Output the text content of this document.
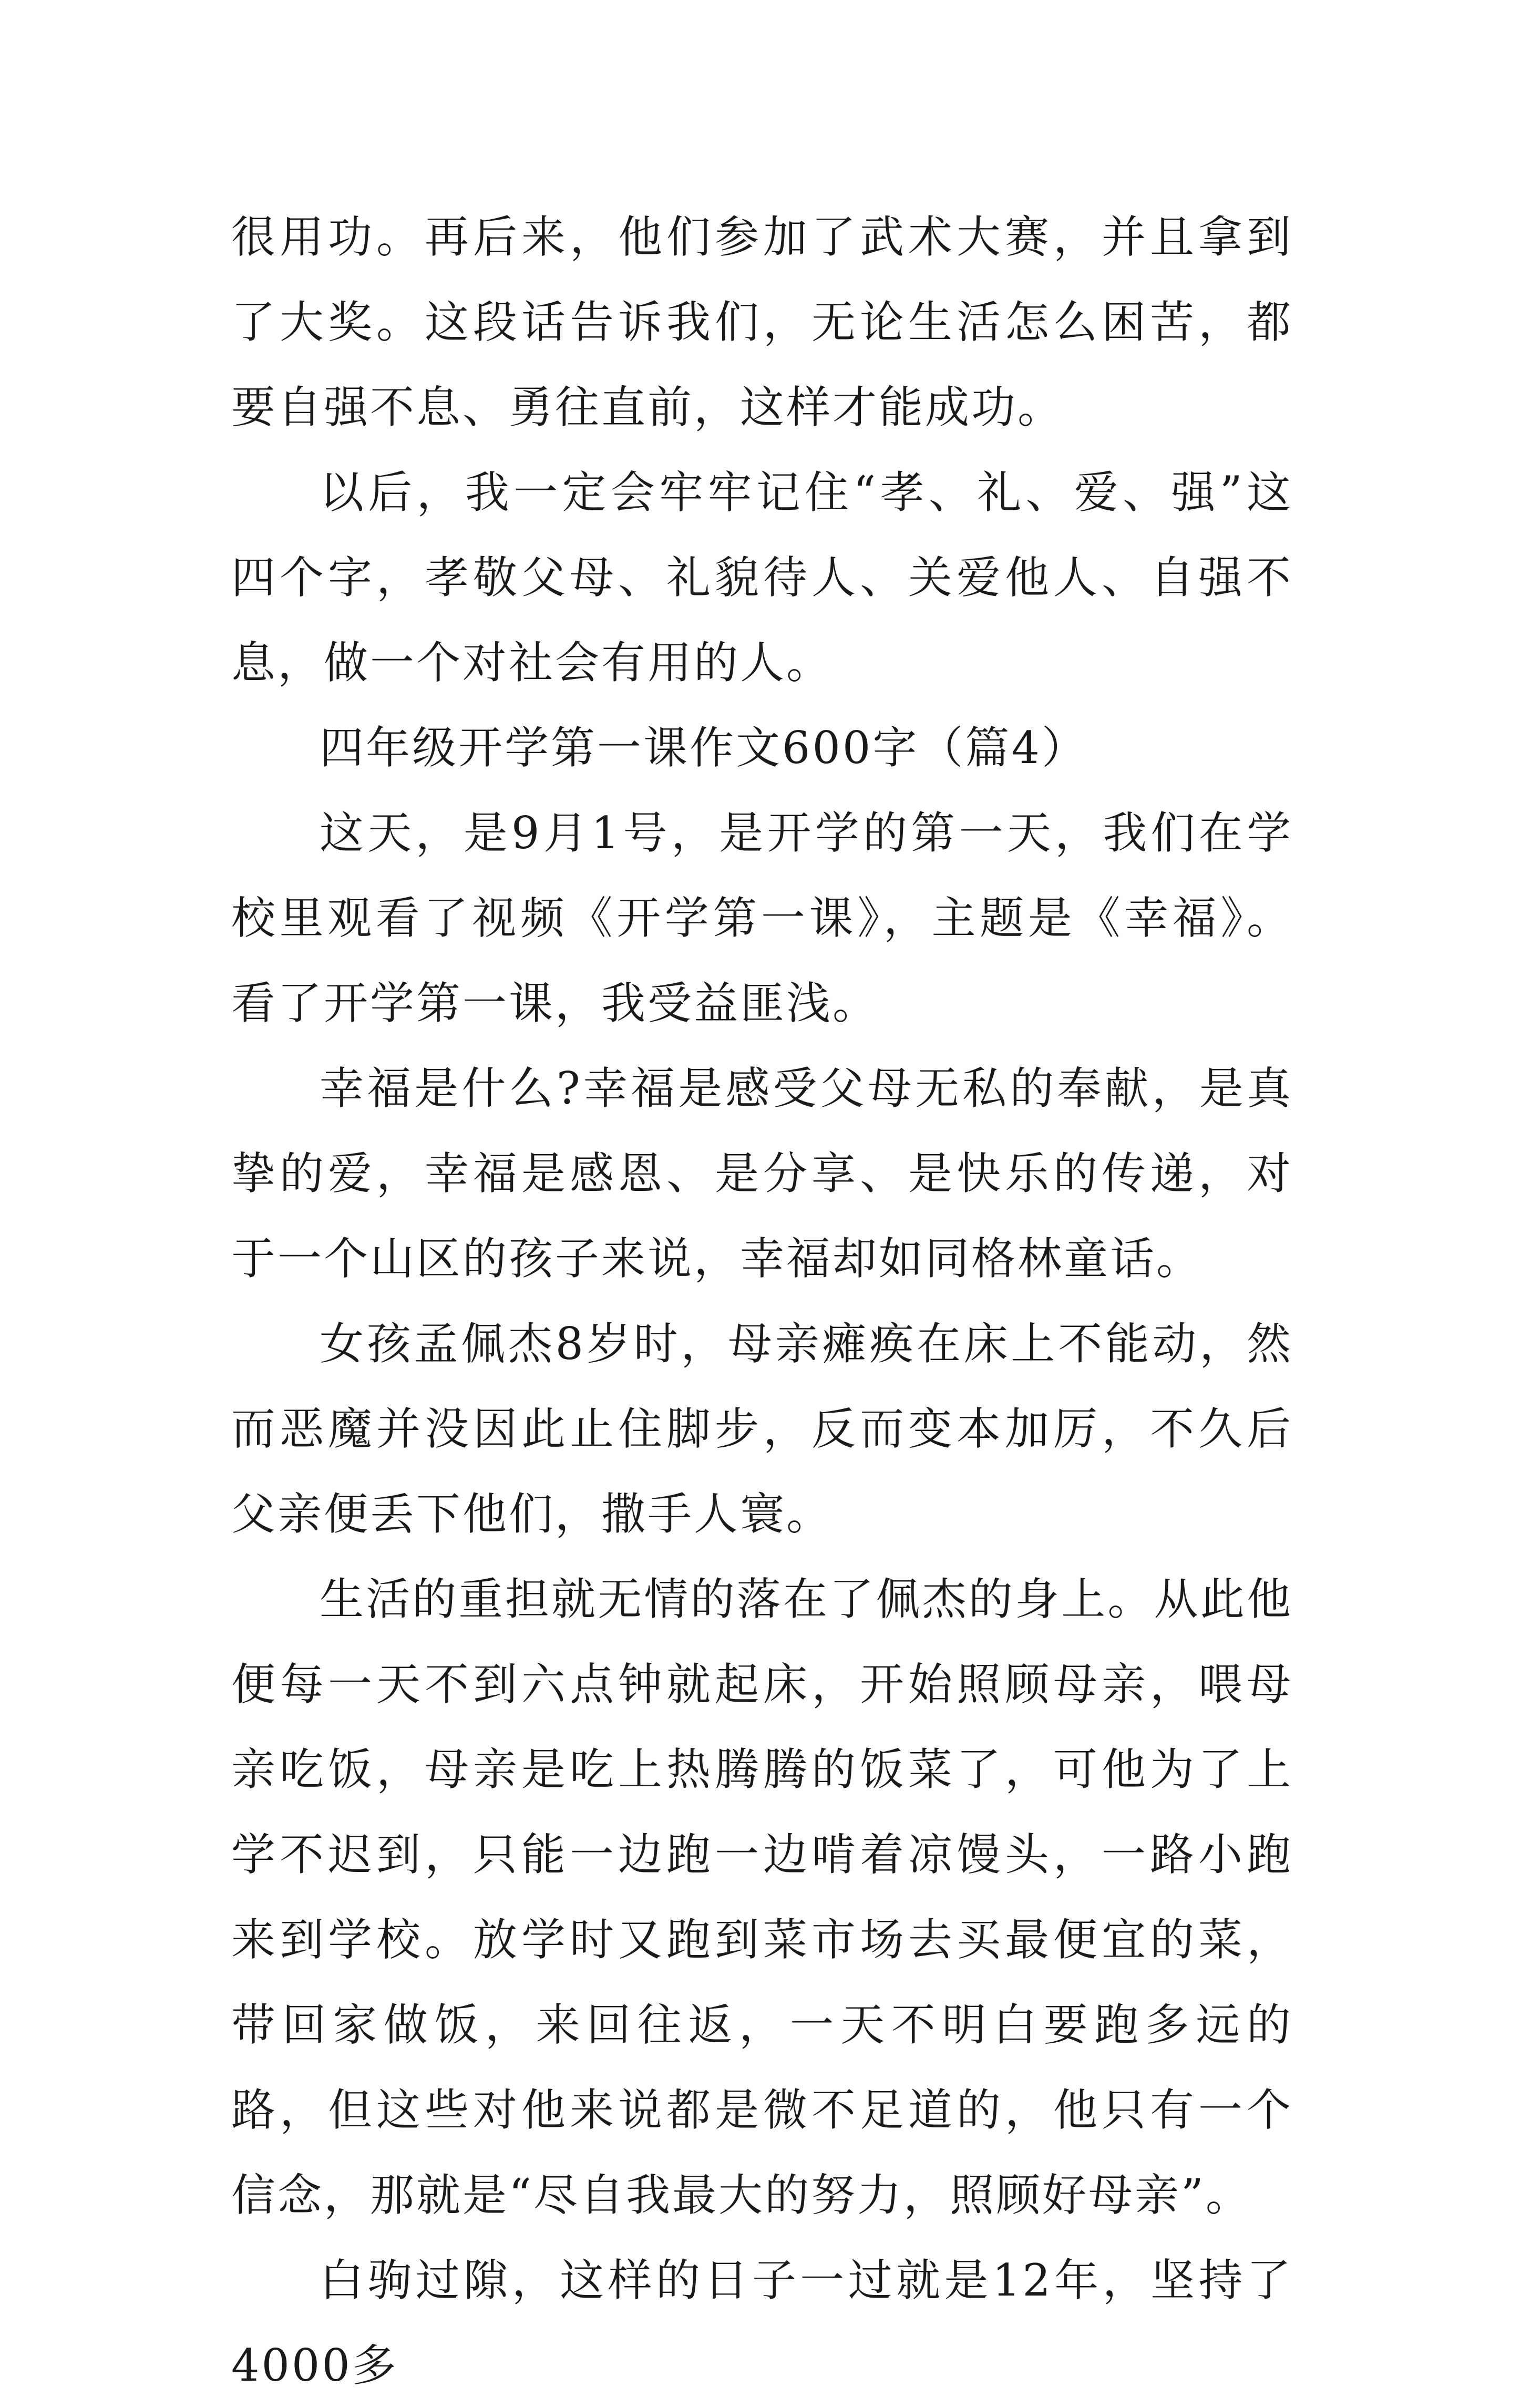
很用功。再后来，他们参加了武术大赛，并且拿到了大奖。这段话告诉我们，无论生活怎么困苦，都要自强不息、勇往直前，这样才能成功。

以后，我一定会牢牢记住“孝、礼、爱、强”这四个字，孝敬父母、礼貌待人、关爱他人、自强不息，做一个对社会有用的人。

四年级开学第一课作文600字（篇4）

这天，是9月1号，是开学的第一天，我们在学校里观看了视频《开学第一课》，主题是《幸福》。看了开学第一课，我受益匪浅。

幸福是什么?幸福是感受父母无私的奉献，是真挚的爱，幸福是感恩、是分享、是快乐的传递，对于一个山区的孩子来说，幸福却如同格林童话。

女孩孟佩杰8岁时，母亲瘫痪在床上不能动，然而恶魔并没因此止住脚步，反而变本加厉，不久后父亲便丢下他们，撒手人寰。

生活的重担就无情的落在了佩杰的身上。从此他便每一天不到六点钟就起床，开始照顾母亲，喂母亲吃饭，母亲是吃上热腾腾的饭菜了，可他为了上学不迟到，只能一边跑一边啃着凉馒头，一路小跑来到学校。放学时又跑到菜市场去买最便宜的菜，带回家做饭，来回往返，一天不明白要跑多远的路，但这些对他来说都是微不足道的，他只有一个信念，那就是“尽自我最大的努力，照顾好母亲”。

白驹过隙，这样的日子一过就是12年，坚持了4000多
